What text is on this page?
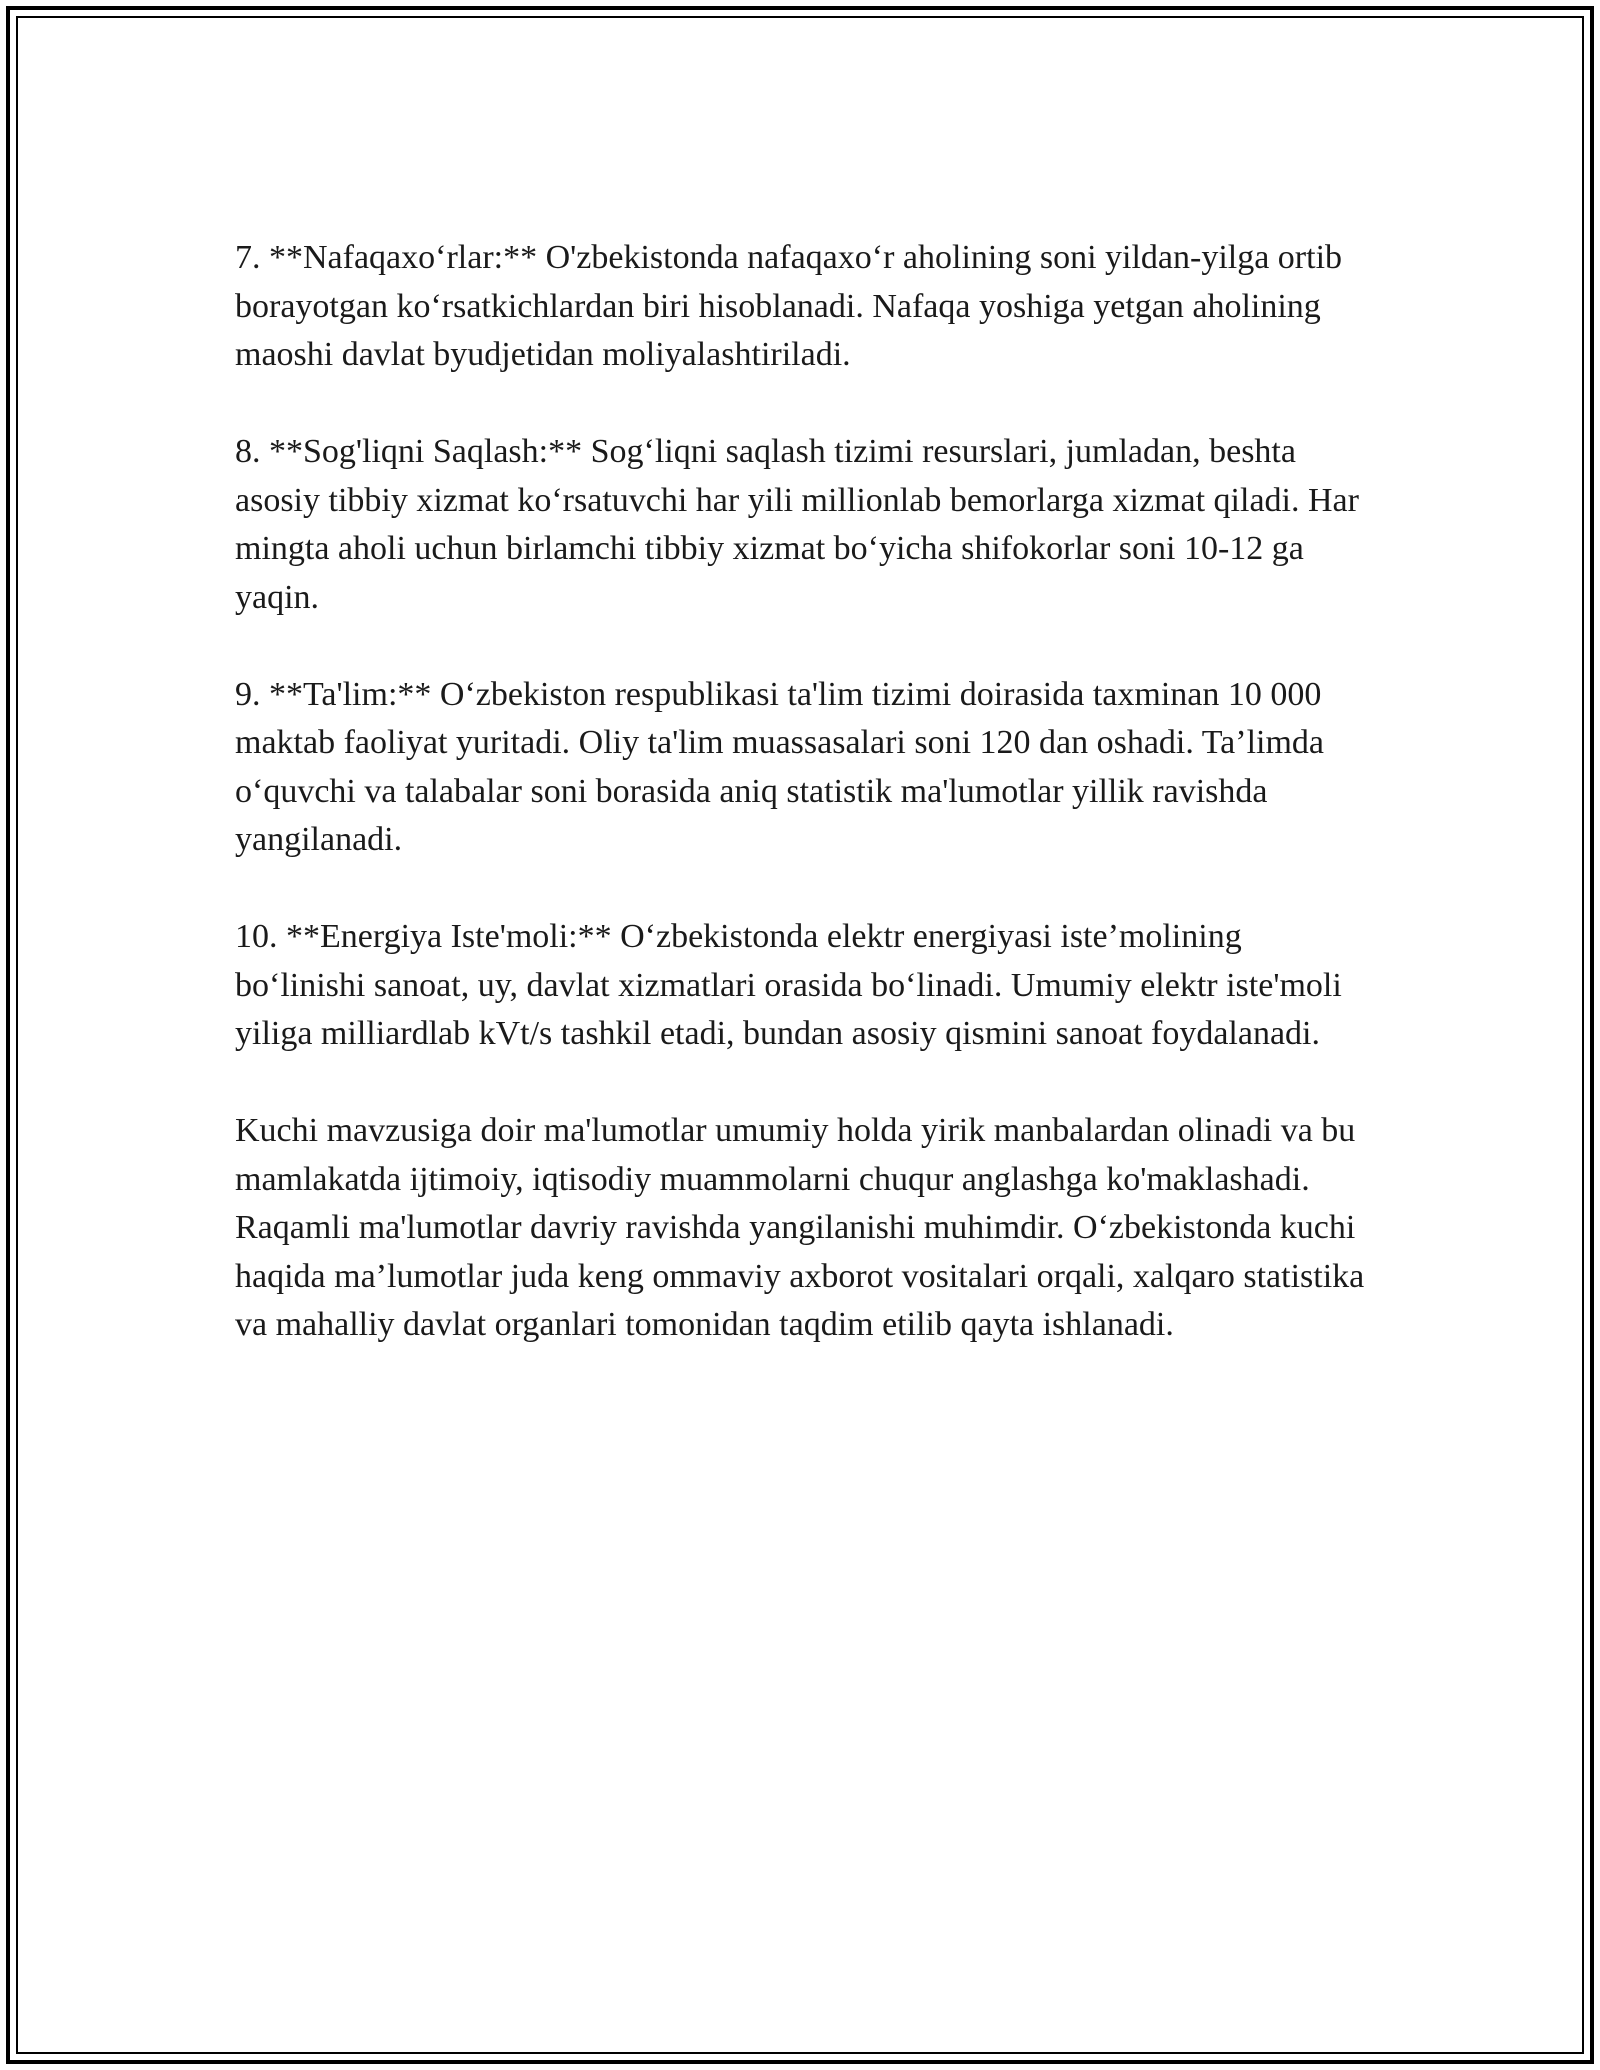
7. **Nafaqaxo‘rlar:** O'zbekistonda nafaqaxo‘r aholining soni yildan-yilga ortib borayotgan ko‘rsatkichlardan biri hisoblanadi. Nafaqa yoshiga yetgan aholining maoshi davlat byudjetidan moliyalashtiriladi.

8. **Sog'liqni Saqlash:** Sog‘liqni saqlash tizimi resurslari, jumladan, beshta asosiy tibbiy xizmat ko‘rsatuvchi har yili millionlab bemorlarga xizmat qiladi. Har mingta aholi uchun birlamchi tibbiy xizmat bo‘yicha shifokorlar soni 10-12 ga yaqin.

9. **Ta'lim:** O‘zbekiston respublikasi ta'lim tizimi doirasida taxminan 10 000 maktab faoliyat yuritadi. Oliy ta'lim muassasalari soni 120 dan oshadi. Ta’limda o‘quvchi va talabalar soni borasida aniq statistik ma'lumotlar yillik ravishda yangilanadi.

10. **Energiya Iste'moli:** O‘zbekistonda elektr energiyasi iste’molining bo‘linishi sanoat, uy, davlat xizmatlari orasida bo‘linadi. Umumiy elektr iste'moli yiliga milliardlab kVt/s tashkil etadi, bundan asosiy qismini sanoat foydalanadi.

Kuchi mavzusiga doir ma'lumotlar umumiy holda yirik manbalardan olinadi va bu mamlakatda ijtimoiy, iqtisodiy muammolarni chuqur anglashga ko'maklashadi. Raqamli ma'lumotlar davriy ravishda yangilanishi muhimdir. O‘zbekistonda kuchi haqida ma’lumotlar juda keng ommaviy axborot vositalari orqali, xalqaro statistika va mahalliy davlat organlari tomonidan taqdim etilib qayta ishlanadi.
